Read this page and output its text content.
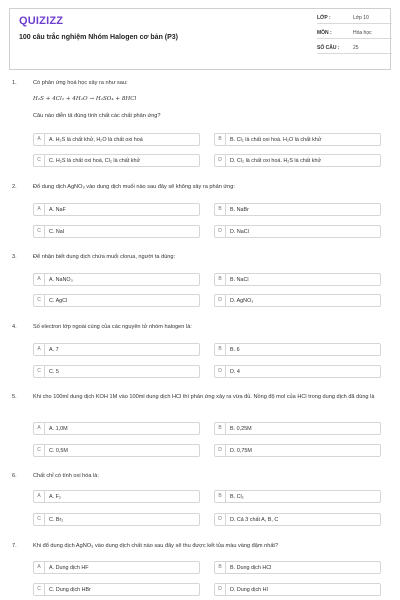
QUIZIZZ
100 câu trắc nghiệm Nhóm Halogen cơ bản (P3)
LỚP :	Lớp 10
MÔN :	Hóa học
SỐ CÂU :	25
1.	Có phản ứng hoá học xảy ra như sau:
H₂S + 4Cl₂ + 4H₂O → H₂SO₄ + 8HCl
Câu nào diễn tả đúng tính chất các chất phản ứng?
A	A. H₂S là chất khử, H₂O là chất oxi hoá	B	B. Cl₂ là chất oxi hoá. H₂O là chất khử
C	C. H₂S là chất oxi hoá, Cl₂ là chất khử	D	D. Cl₂ là chất oxi hoá. H₂S là chất khử
2.	Đổ dung dịch AgNO₃ vào dung dịch muối nào sau đây sẽ không xảy ra phản ứng:
A	A. NaF	B	B. NaBr
C	C. NaI	D	D. NaCl
3.	Để nhận biết dung dịch chứa muối clorua, người ta dùng:
A	A. NaNO₃	B	B. NaCl
C	C. AgCl	D	D. AgNO₃
4.	Số electron lớp ngoài cùng của các nguyên tử nhóm halogen là:
A	A. 7	B	B. 6
C	C. 5	D	D. 4
5.	Khi cho 100ml dung dịch KOH 1M vào 100ml dung dịch HCl thì phản ứng xảy ra vừa đủ. Nồng độ mol của HCl trong dung dịch đã dùng là
A	A. 1,0M	B	B. 0,25M
C	C. 0,5M	D	D. 0,75M
6.	Chất chỉ có tính oxi hóa là:
A	A. F₂	B	B. Cl₂
C	C. Br₂	D	D. Cả 3 chất A, B, C
7.	Khi đổ dung dịch AgNO₃ vào dung dịch chất nào sau đây sẽ thu được kết tủa màu vàng đậm nhất?
A	A. Dung dịch HF	B	B. Dung dịch HCl
C	C. Dung dịch HBr	D	D. Dung dịch HI
